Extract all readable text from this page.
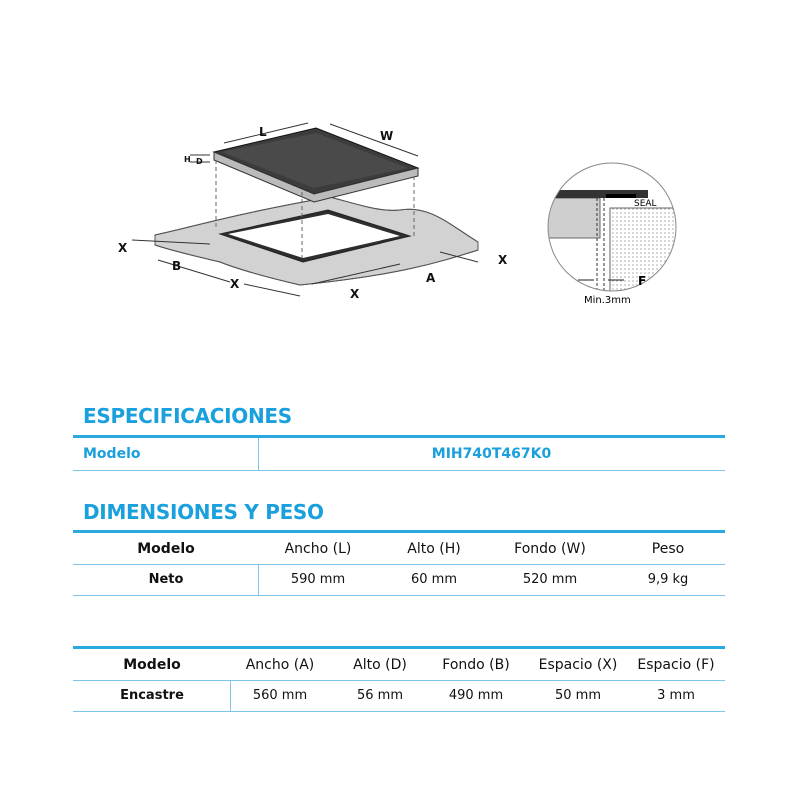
L	W
H D
X
B
X
X
A
X
SEAL
F
Min.3mm
ESPECIFICACIONES
Modelo	MIH740T467K0
DIMENSIONES Y PESO
Modelo	Ancho (L)	Alto (H)	Fondo (W)	Peso
Neto	590 mm	60 mm	520 mm	9,9 kg
Modelo	Ancho (A)	Alto (D)	Fondo (B)	Espacio (X)	Espacio (F)
Encastre	560 mm	56 mm	490 mm	50 mm	3 mm
